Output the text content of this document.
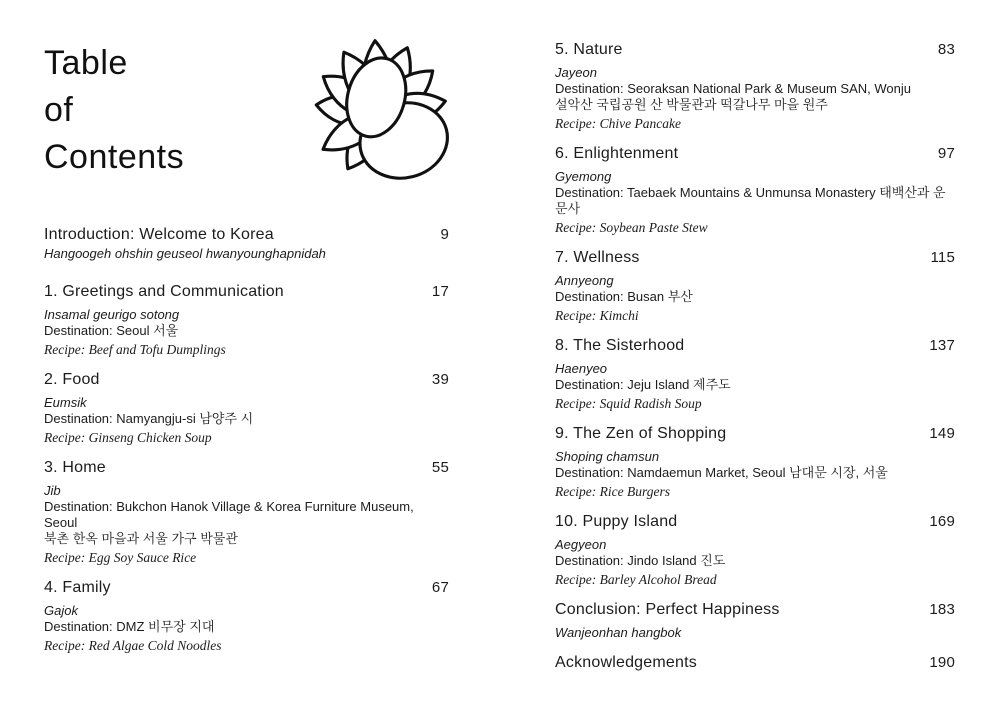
Table
of
Contents
Introduction: Welcome to Korea	9
Hangoogeh ohshin geuseol hwanyounghapnidah
1. Greetings and Communication	17
Insamal geurigo sotong
Destination: Seoul 서울
Recipe: Beef and Tofu Dumplings
2. Food	39
Eumsik
Destination: Namyangju-si 남양주 시
Recipe: Ginseng Chicken Soup
3. Home	55
Jib
Destination: Bukchon Hanok Village & Korea Furniture Museum, Seoul
북촌 한옥 마을과 서울 가구 박물관
Recipe: Egg Soy Sauce Rice
4. Family	67
Gajok
Destination: DMZ 비무장 지대
Recipe: Red Algae Cold Noodles
5. Nature	83
Jayeon
Destination: Seoraksan National Park & Museum SAN, Wonju
설악산 국립공원 산 박물관과 떡갈나무 마을 원주
Recipe: Chive Pancake
6. Enlightenment	97
Gyemong
Destination: Taebaek Mountains & Unmunsa Monastery 태백산과 운문사
Recipe: Soybean Paste Stew
7. Wellness	115
Annyeong
Destination: Busan 부산
Recipe: Kimchi
8. The Sisterhood	137
Haenyeo
Destination: Jeju Island 제주도
Recipe: Squid Radish Soup
9. The Zen of Shopping	149
Shoping chamsun
Destination: Namdaemun Market, Seoul 남대문 시장, 서울
Recipe: Rice Burgers
10. Puppy Island	169
Aegyeon
Destination: Jindo Island 진도
Recipe: Barley Alcohol Bread
Conclusion: Perfect Happiness	183
Wanjeonhan hangbok
Acknowledgements	190
